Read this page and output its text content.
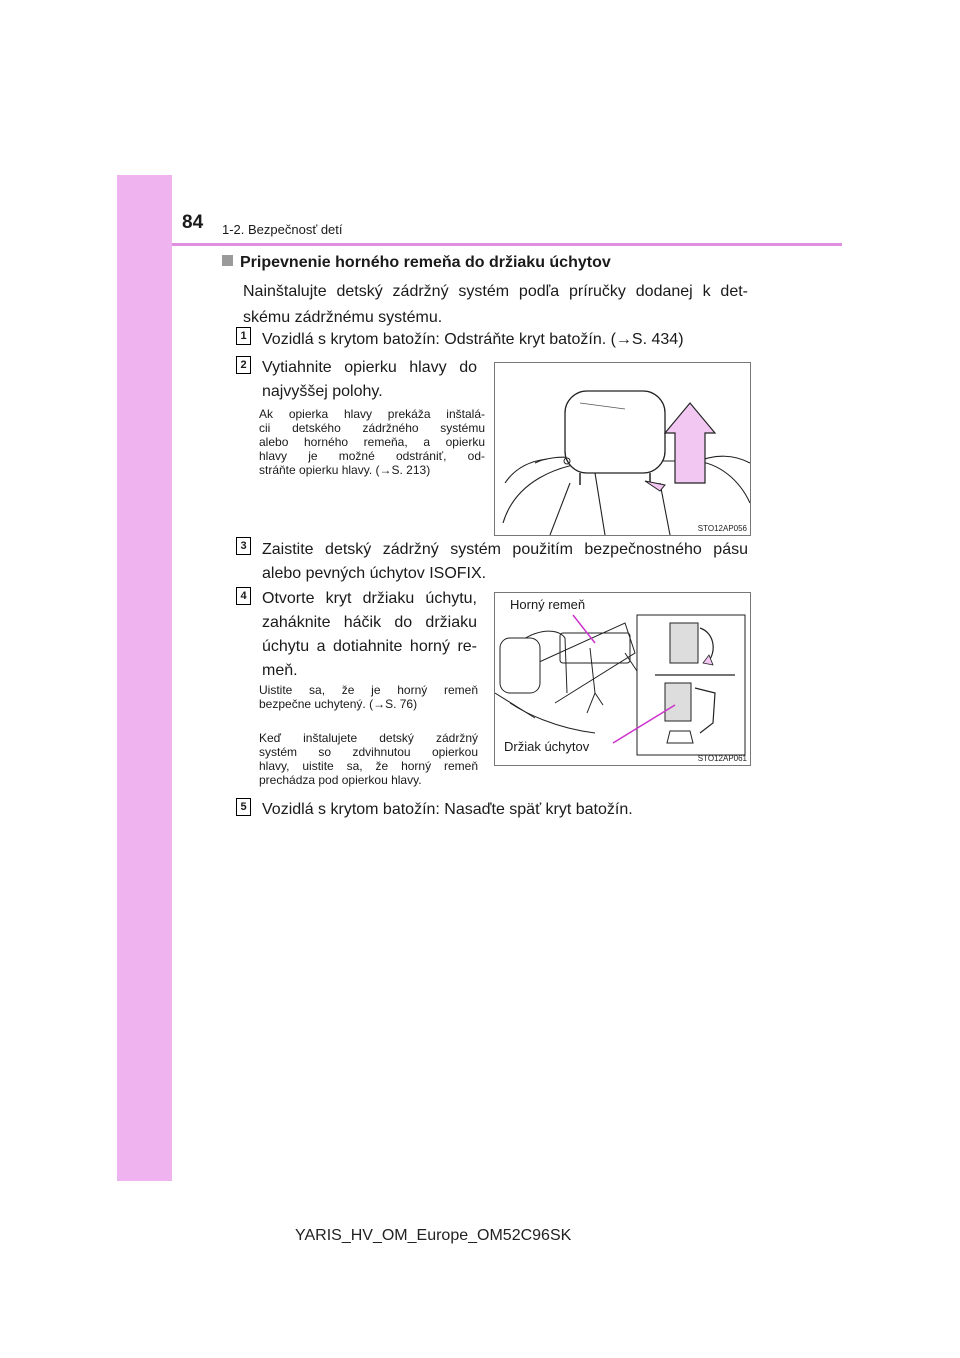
84 1-2. Bezpečnosť detí
Pripevnenie horného remeňa do držiaku úchytov
Nainštalujte detský zádržný systém podľa príručky dodanej k det-
skému zádržnému systému.
1 Vozidlá s krytom batožín: Odstráňte kryt batožín. (→S. 434)
2 Vytiahnite opierku hlavy do
najvyššej polohy.
Ak opierka hlavy prekáža inštalá-
cii detského zádržného systému
alebo horného remeňa, a opierku
hlavy je možné odstrániť, od-
stráňte opierku hlavy. (→S. 213)
STO12AP056
3 Zaistite detský zádržný systém použitím bezpečnostného pásu
alebo pevných úchytov ISOFIX.
4 Otvorte kryt držiaku úchytu,
zaháknite háčik do držiaku
úchytu a dotiahnite horný re-
meň.
Uistite sa, že je horný remeň
bezpečne uchytený. (→S. 76)
Keď inštalujete detský zádržný
systém so zdvihnutou opierkou
hlavy, uistite sa, že horný remeň
prechádza pod opierkou hlavy.
Horný remeň
Držiak úchytov
STO12AP061
5 Vozidlá s krytom batožín: Nasaďte späť kryt batožín.
YARIS_HV_OM_Europe_OM52C96SK
